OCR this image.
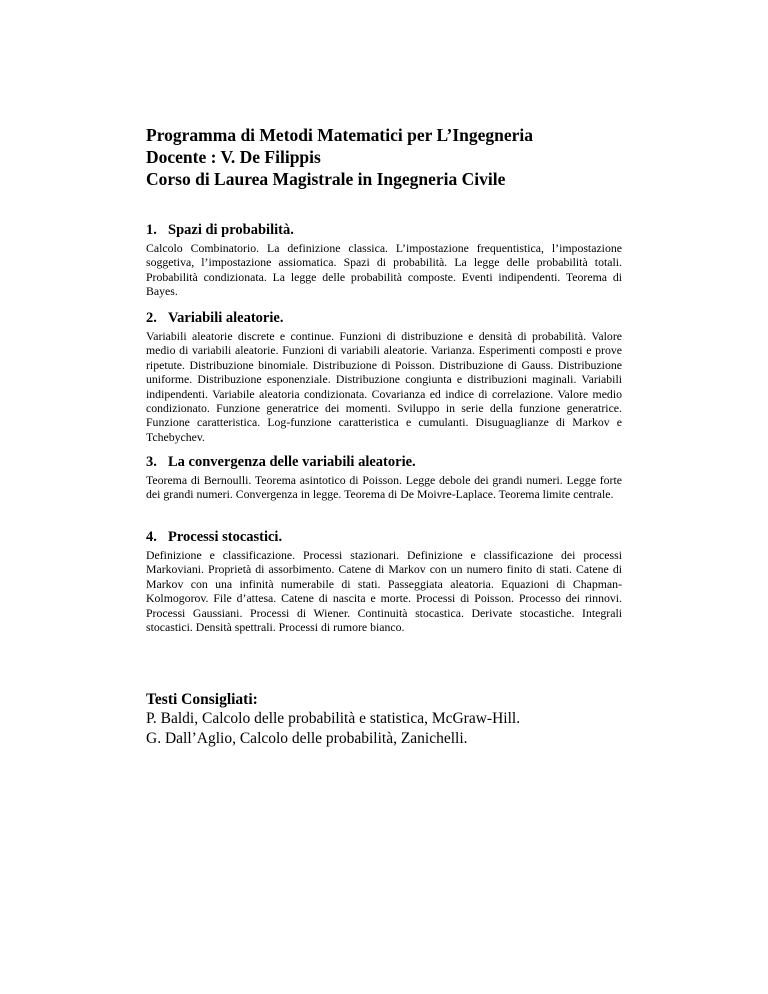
Programma di Metodi Matematici per L’Ingegneria
Docente : V. De Filippis
Corso di Laurea Magistrale in Ingegneria Civile
1. Spazi di probabilità.

Calcolo Combinatorio. La definizione classica. L’impostazione frequentistica, l’impostazione soggetiva, l’impostazione assiomatica. Spazi di probabilità. La legge delle probabilità totali. Probabilità condizionata. La legge delle probabilità composte. Eventi indipendenti. Teorema di Bayes.

2. Variabili aleatorie.

Variabili aleatorie discrete e continue. Funzioni di distribuzione e densità di probabilità. Valore medio di variabili aleatorie. Funzioni di variabili aleatorie. Varianza. Esperimenti composti e prove ripetute. Distribuzione binomiale. Distribuzione di Poisson. Distribuzione di Gauss. Distribuzione uniforme. Distribuzione esponenziale. Distribuzione congiunta e distribuzioni maginali. Variabili indipendenti. Variabile aleatoria condizionata. Covarianza ed indice di correlazione. Valore medio condizionato. Funzione generatrice dei momenti. Sviluppo in serie della funzione generatrice. Funzione caratteristica. Log-funzione caratteristica e cumulanti. Disuguaglianze di Markov e Tchebychev.

3. La convergenza delle variabili aleatorie.

Teorema di Bernoulli. Teorema asintotico di Poisson. Legge debole dei grandi numeri. Legge forte dei grandi numeri. Convergenza in legge. Teorema di De Moivre-Laplace. Teorema limite centrale.

4. Processi stocastici.

Definizione e classificazione. Processi stazionari. Definizione e classificazione dei processi Markoviani. Proprietà di assorbimento. Catene di Markov con un numero finito di stati. Catene di Markov con una infinità numerabile di stati. Passeggiata aleatoria. Equazioni di Chapman-Kolmogorov. File d’attesa. Catene di nascita e morte. Processi di Poisson. Processo dei rinnovi. Processi Gaussiani. Processi di Wiener. Continuità stocastica. Derivate stocastiche. Integrali stocastici. Densità spettrali. Processi di rumore bianco.

Testi Consigliati:
P. Baldi, Calcolo delle probabilità e statistica, McGraw-Hill.
G. Dall’Aglio, Calcolo delle probabilità, Zanichelli.
